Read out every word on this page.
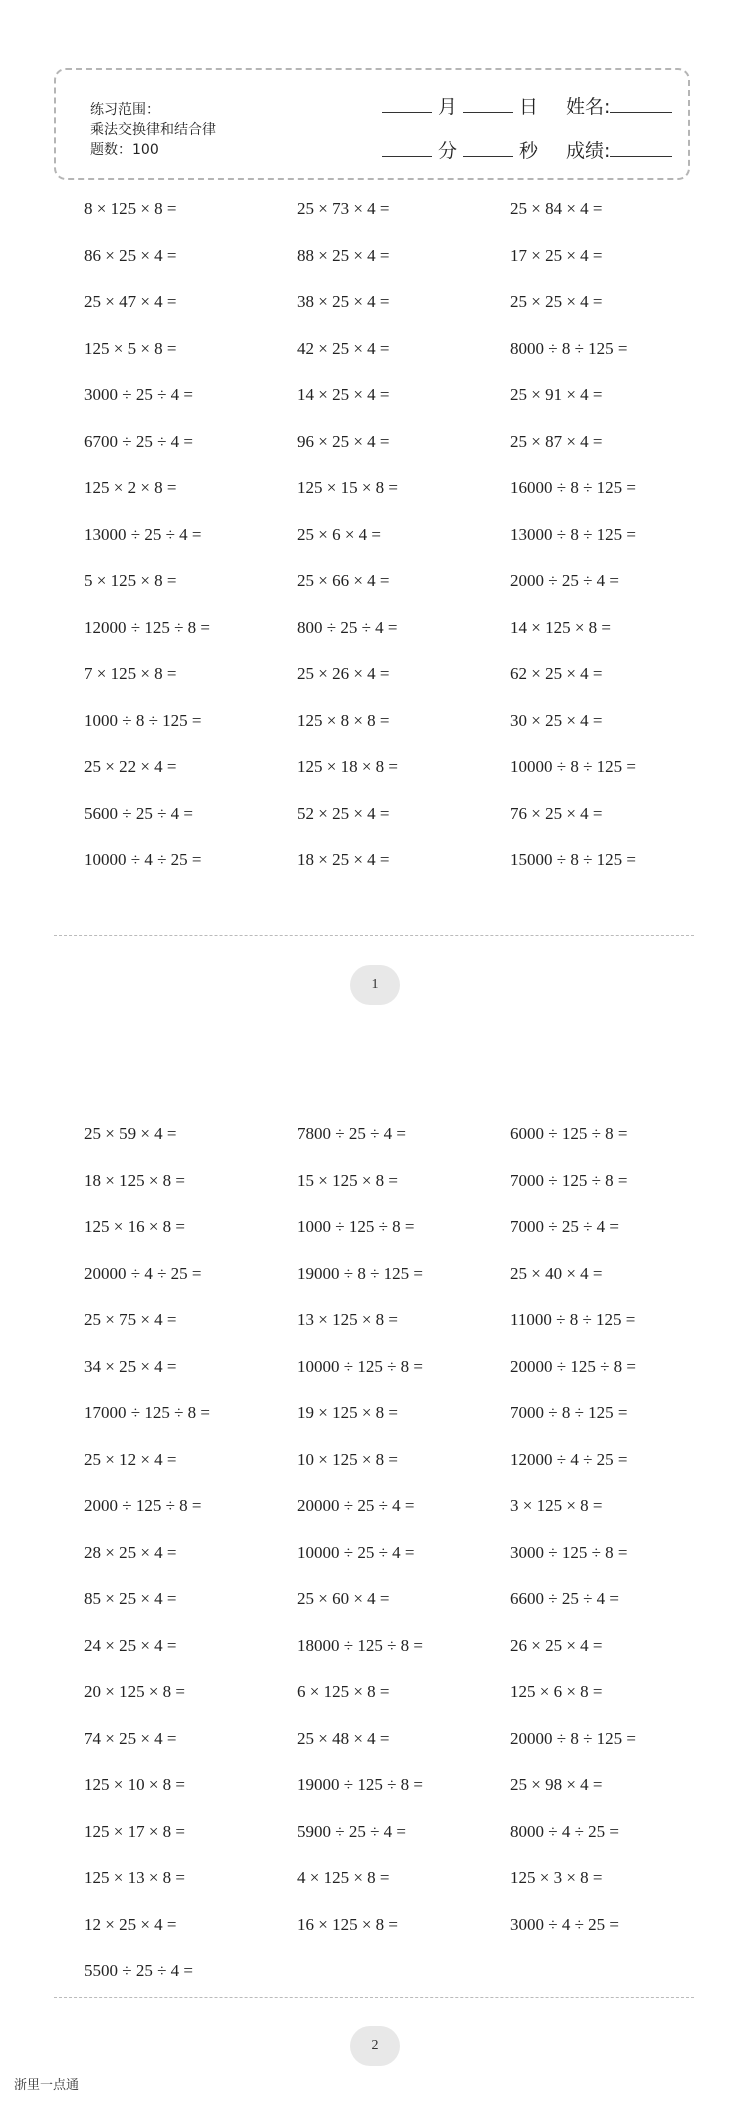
练习范围：
乘法交换律和结合律
题数：100
月	日 姓名:
分	秒 成绩:
8 × 125 × 8 =	25 × 73 × 4 =	25 × 84 × 4 =
86 × 25 × 4 =	88 × 25 × 4 =	17 × 25 × 4 =
25 × 47 × 4 =	38 × 25 × 4 =	25 × 25 × 4 =
125 × 5 × 8 =	42 × 25 × 4 =	8000 ÷ 8 ÷ 125 =
3000 ÷ 25 ÷ 4 =	14 × 25 × 4 =	25 × 91 × 4 =
6700 ÷ 25 ÷ 4 =	96 × 25 × 4 =	25 × 87 × 4 =
125 × 2 × 8 =	125 × 15 × 8 =	16000 ÷ 8 ÷ 125 =
13000 ÷ 25 ÷ 4 =	25 × 6 × 4 =	13000 ÷ 8 ÷ 125 =
5 × 125 × 8 =	25 × 66 × 4 =	2000 ÷ 25 ÷ 4 =
12000 ÷ 125 ÷ 8 =	800 ÷ 25 ÷ 4 =	14 × 125 × 8 =
7 × 125 × 8 =	25 × 26 × 4 =	62 × 25 × 4 =
1000 ÷ 8 ÷ 125 =	125 × 8 × 8 =	30 × 25 × 4 =
25 × 22 × 4 =	125 × 18 × 8 =	10000 ÷ 8 ÷ 125 =
5600 ÷ 25 ÷ 4 =	52 × 25 × 4 =	76 × 25 × 4 =
10000 ÷ 4 ÷ 25 =	18 × 25 × 4 =	15000 ÷ 8 ÷ 125 =
1
25 × 59 × 4 =	7800 ÷ 25 ÷ 4 =	6000 ÷ 125 ÷ 8 =
18 × 125 × 8 =	15 × 125 × 8 =	7000 ÷ 125 ÷ 8 =
125 × 16 × 8 =	1000 ÷ 125 ÷ 8 =	7000 ÷ 25 ÷ 4 =
20000 ÷ 4 ÷ 25 =	19000 ÷ 8 ÷ 125 =	25 × 40 × 4 =
25 × 75 × 4 =	13 × 125 × 8 =	11000 ÷ 8 ÷ 125 =
34 × 25 × 4 =	10000 ÷ 125 ÷ 8 =	20000 ÷ 125 ÷ 8 =
17000 ÷ 125 ÷ 8 =	19 × 125 × 8 =	7000 ÷ 8 ÷ 125 =
25 × 12 × 4 =	10 × 125 × 8 =	12000 ÷ 4 ÷ 25 =
2000 ÷ 125 ÷ 8 =	20000 ÷ 25 ÷ 4 =	3 × 125 × 8 =
28 × 25 × 4 =	10000 ÷ 25 ÷ 4 =	3000 ÷ 125 ÷ 8 =
85 × 25 × 4 =	25 × 60 × 4 =	6600 ÷ 25 ÷ 4 =
24 × 25 × 4 =	18000 ÷ 125 ÷ 8 =	26 × 25 × 4 =
20 × 125 × 8 =	6 × 125 × 8 =	125 × 6 × 8 =
74 × 25 × 4 =	25 × 48 × 4 =	20000 ÷ 8 ÷ 125 =
125 × 10 × 8 =	19000 ÷ 125 ÷ 8 =	25 × 98 × 4 =
125 × 17 × 8 =	5900 ÷ 25 ÷ 4 =	8000 ÷ 4 ÷ 25 =
125 × 13 × 8 =	4 × 125 × 8 =	125 × 3 × 8 =
12 × 25 × 4 =	16 × 125 × 8 =	3000 ÷ 4 ÷ 25 =
5500 ÷ 25 ÷ 4 =
2
浙里一点通
